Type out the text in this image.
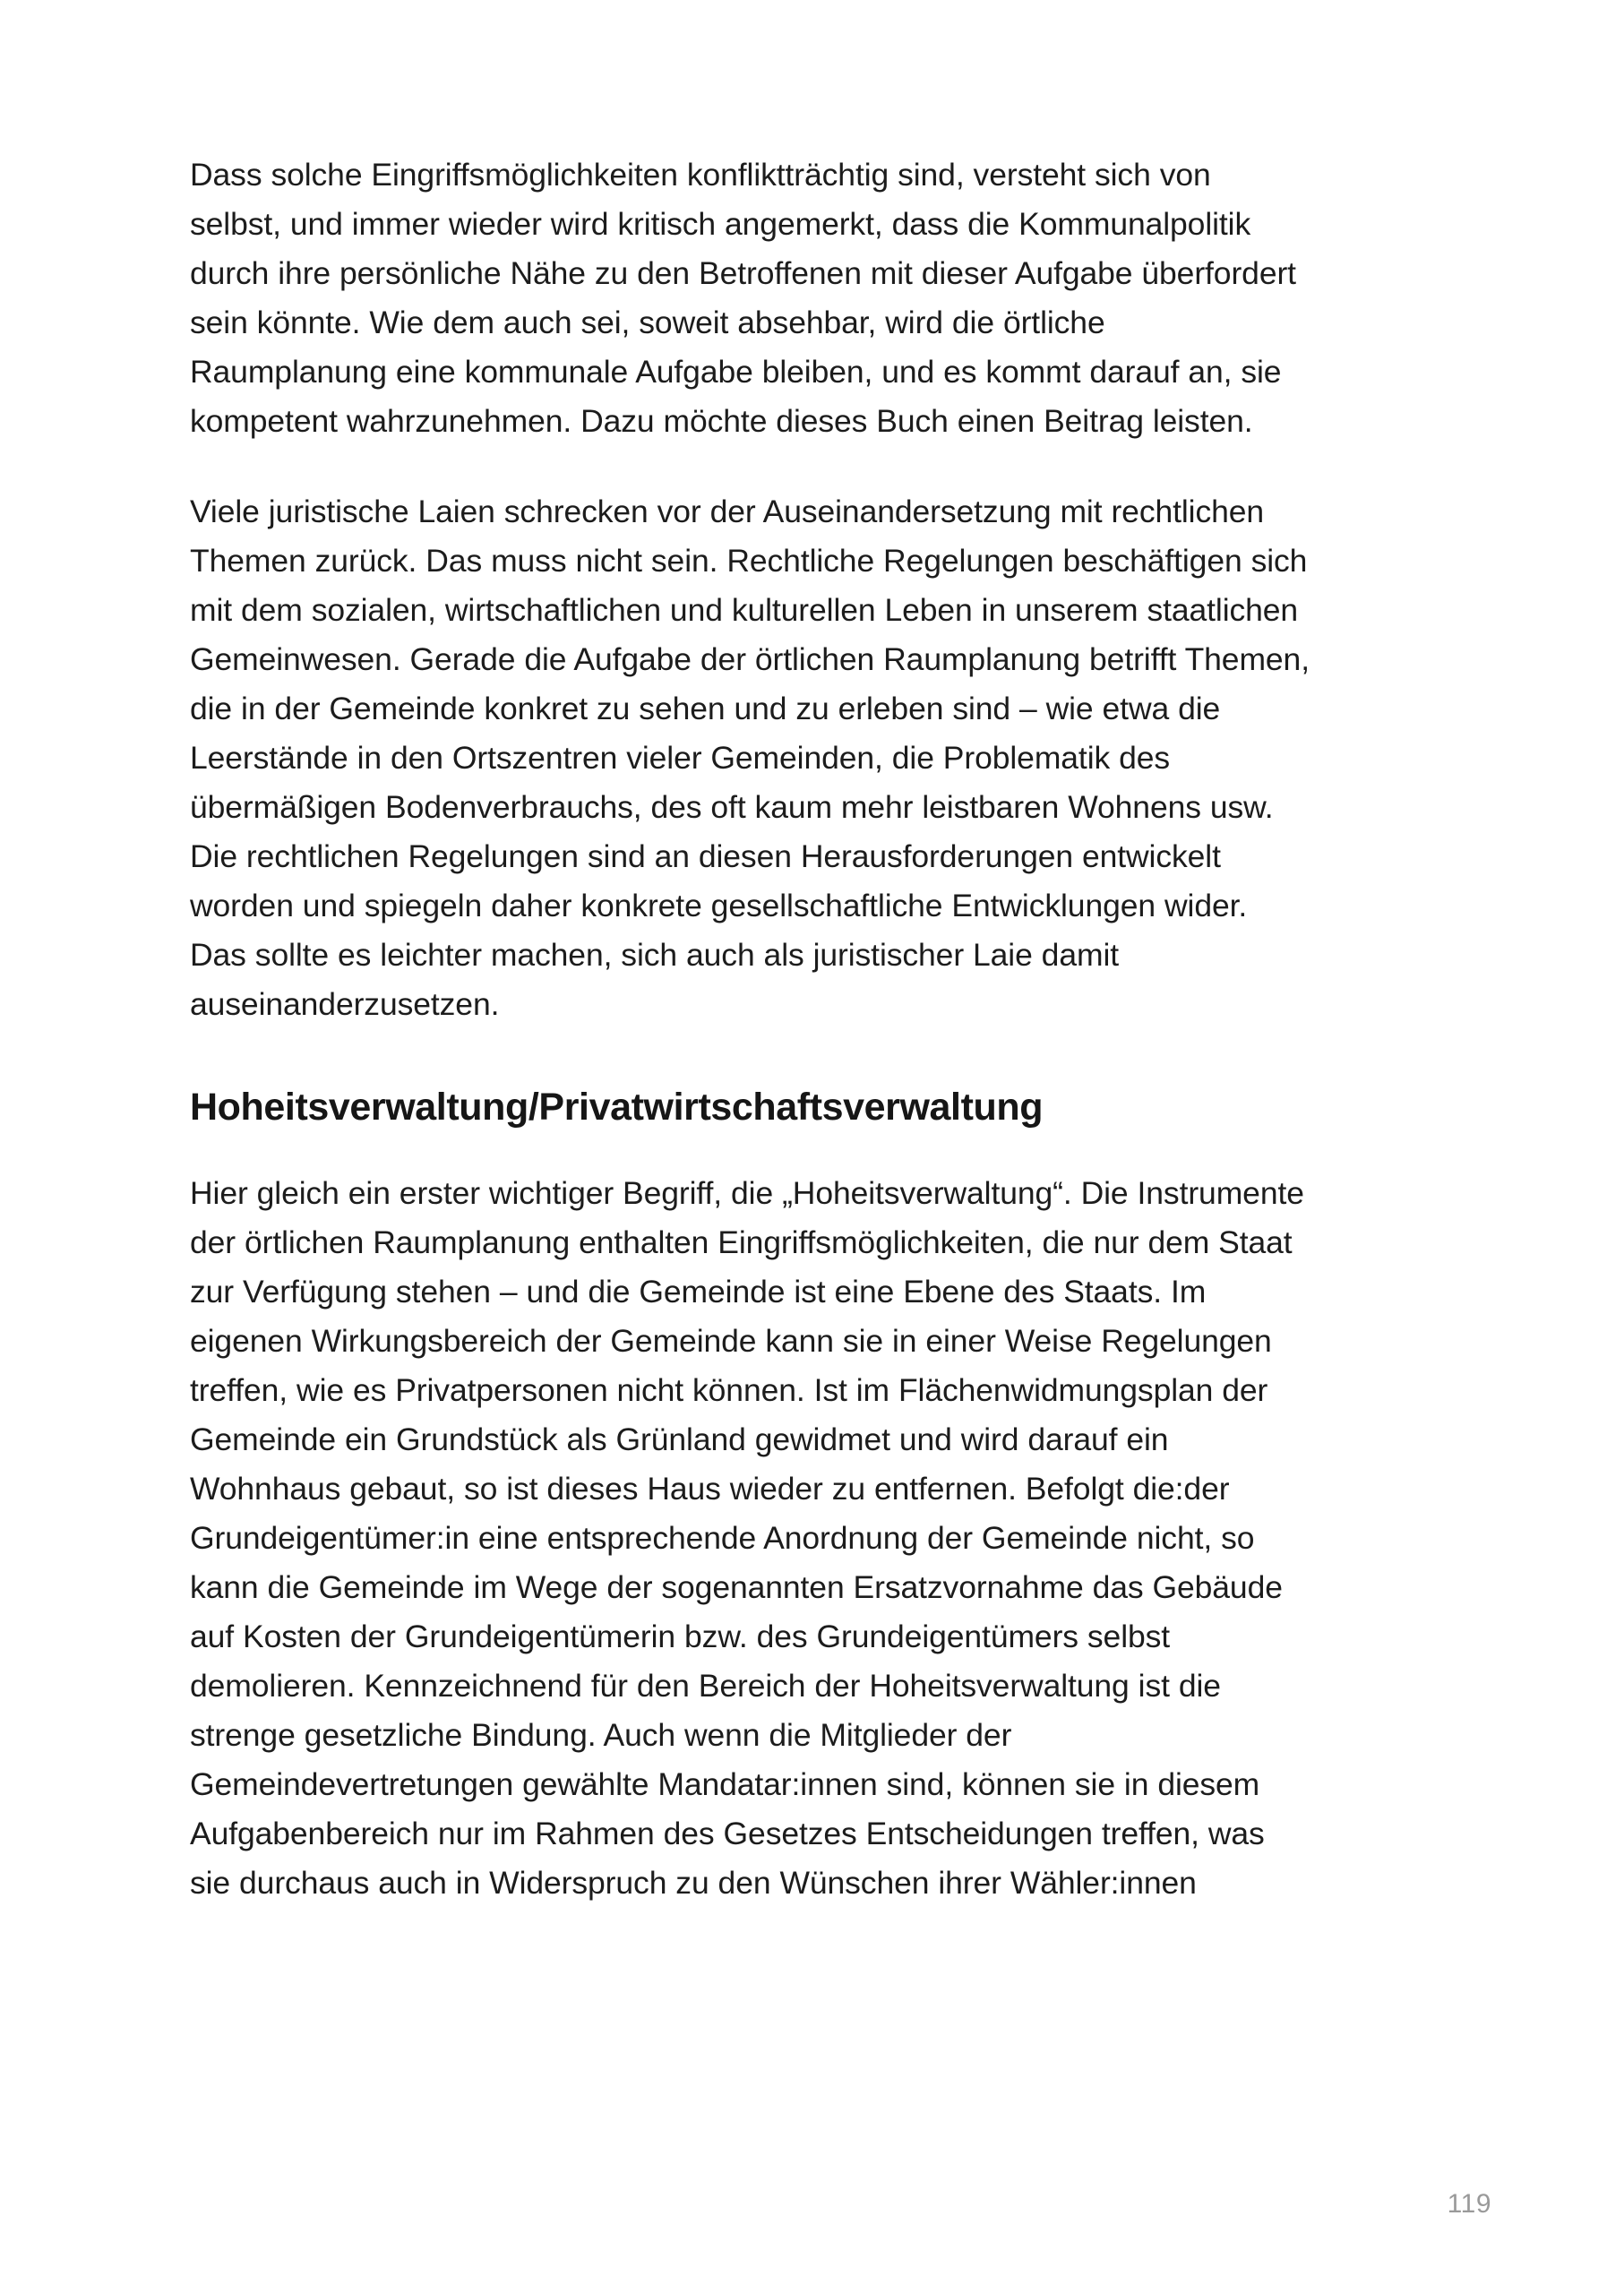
Dass solche Eingriffsmöglichkeiten konfliktträchtig sind, versteht sich von selbst, und immer wieder wird kritisch angemerkt, dass die Kommunalpolitik durch ihre persönliche Nähe zu den Betroffenen mit dieser Aufgabe überfordert sein könnte. Wie dem auch sei, soweit absehbar, wird die örtliche Raumplanung eine kommunale Aufgabe bleiben, und es kommt darauf an, sie kompetent wahrzunehmen. Dazu möchte dieses Buch einen Beitrag leisten.

Viele juristische Laien schrecken vor der Auseinandersetzung mit rechtlichen Themen zurück. Das muss nicht sein. Rechtliche Regelungen beschäftigen sich mit dem sozialen, wirtschaftlichen und kulturellen Leben in unserem staatlichen Gemeinwesen. Gerade die Aufgabe der örtlichen Raumplanung betrifft Themen, die in der Gemeinde konkret zu sehen und zu erleben sind – wie etwa die Leerstände in den Ortszentren vieler Gemeinden, die Problematik des übermäßigen Bodenverbrauchs, des oft kaum mehr leistbaren Wohnens usw. Die rechtlichen Regelungen sind an diesen Herausforderungen entwickelt worden und spiegeln daher konkrete gesellschaftliche Entwicklungen wider. Das sollte es leichter machen, sich auch als juristischer Laie damit auseinanderzusetzen.

Hoheitsverwaltung/Privatwirtschaftsverwaltung

Hier gleich ein erster wichtiger Begriff, die „Hoheitsverwaltung“. Die Instrumente der örtlichen Raumplanung enthalten Eingriffsmöglichkeiten, die nur dem Staat zur Verfügung stehen – und die Gemeinde ist eine Ebene des Staats. Im eigenen Wirkungsbereich der Gemeinde kann sie in einer Weise Regelungen treffen, wie es Privatpersonen nicht können. Ist im Flächenwidmungsplan der Gemeinde ein Grundstück als Grünland gewidmet und wird darauf ein Wohnhaus gebaut, so ist dieses Haus wieder zu entfernen. Befolgt die:der Grundeigentümer:in eine entsprechende Anordnung der Gemeinde nicht, so kann die Gemeinde im Wege der sogenannten Ersatzvornahme das Gebäude auf Kosten der Grundeigentümerin bzw. des Grundeigentümers selbst demolieren. Kennzeichnend für den Bereich der Hoheitsverwaltung ist die strenge gesetzliche Bindung. Auch wenn die Mitglieder der Gemeindevertretungen gewählte Mandatar:innen sind, können sie in diesem Aufgabenbereich nur im Rahmen des Gesetzes Entscheidungen treffen, was sie durchaus auch in Widerspruch zu den Wünschen ihrer Wähler:innen

119
